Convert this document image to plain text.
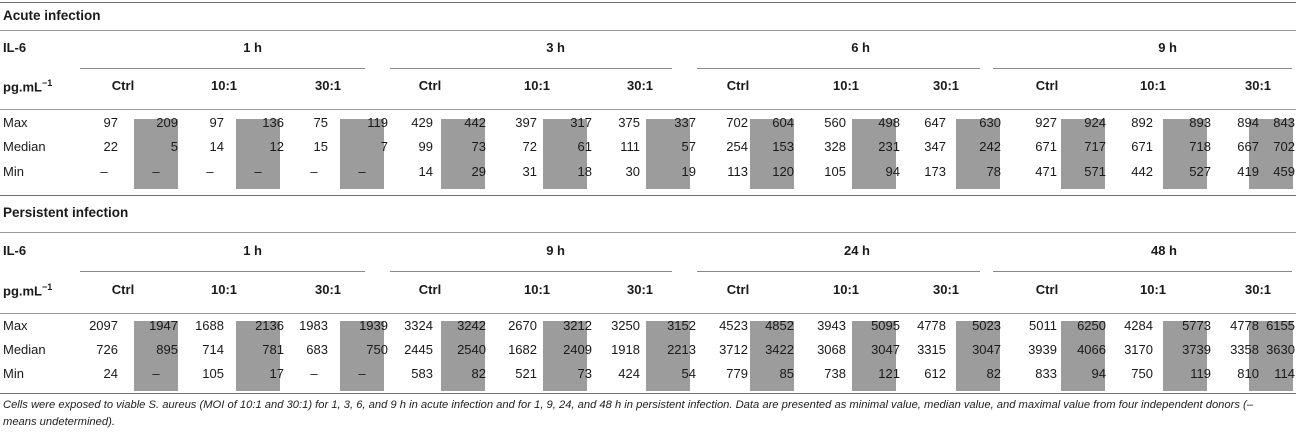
Acute infection
IL-6	1 h
Ctrl	10:1	30:1
3 h
Ctrl	10:1	30:1
6 h
Ctrl	10:1	30:1
9 h
Ctrl	10:1	30:1
$pg.mL^{-1}$
Max	97	209	97	136	75	119	429	442	397	317	375	337	702	604	560	498	647	630	927	924	892	893	894	843
Median	22	5	14	12	15	7	99	73	72	61	111	57	254	153	328	231	347	242	671	717	671	718	667	702
Min	–	–	–	–	–	–	14	29	31	18	30	19	113	120	105	94	173	78	471	571	442	527	419	459
Persistent infection
IL-6	1 h
Ctrl	10:1	30:1
9 h
Ctrl	10:1	30:1
24 h
Ctrl	10:1	30:1
48 h
Ctrl	10:1	30:1
$pg.mL^{-1}$
Max	2097	1947	1688	2136	1983	1939	3324	3242	2670	3212	3250	3152	4523	4852	3943	5095	4778	5023	5011	6250	4284	5773	4778 6155
Median	726	895	714	781	683	750	2445	2540	1682	2409	1918	2213	3712	3422	3068	3047	3315	3047	3939	4066	3170	3739	3358 3630
Min	24	–	105	17	–	–	583	82	521	73	424	54	779	85	738	121	612	82	833	94	750	119	810	114
Cells were exposed to viable S. aureus (MOI of 10:1 and 30:1) for 1, 3, 6, and 9 h in acute infection and for 1, 9, 24, and 48 h in persistent infection. Data are presented as minimal value, median value, and maximal value from four independent donors (– means undetermined).
